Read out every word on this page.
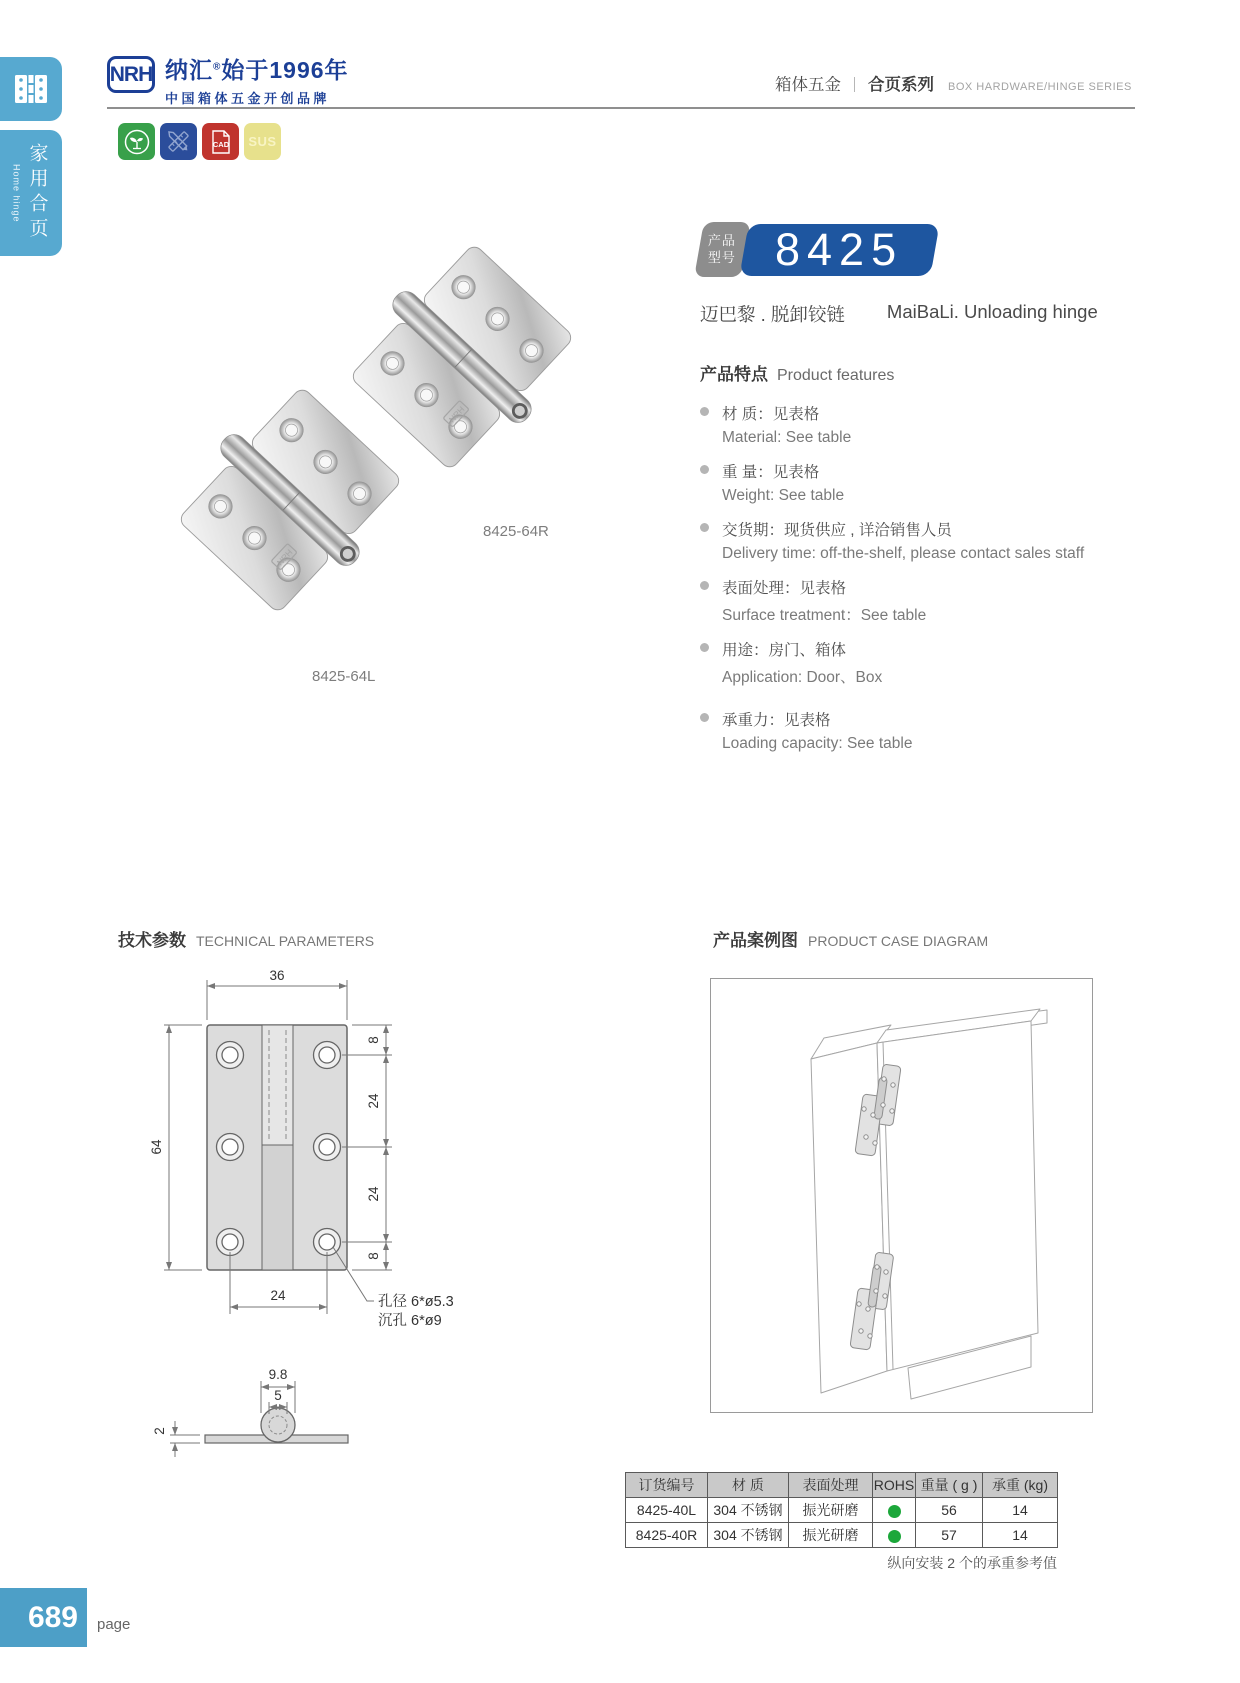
Home hinge 家用合页
NRH 纳汇®始于1996年
中国箱体五金开创品牌
箱体五金 ｜ 合页系列 BOX HARDWARE/HINGE SERIES
CAD SUS
NRH
8425-64R
8425-64L
产品
型号 8425
迈巴黎 . 脱卸铰链 MaiBaLi. Unloading hinge
产品特点 Product features
材 质：见表格
Material: See table
重 量：见表格
Weight: See table
交货期：现货供应 , 详洽销售人员
Delivery time: off-the-shelf, please contact sales staff
表面处理：见表格
Surface treatment：See table
用途：房门、箱体
Application: Door、Box
承重力：见表格
Loading capacity: See table
技术参数 TECHNICAL PARAMETERS	产品案例图 PRODUCT CASE DIAGRAM
36
64
8
24
24
8
24	孔径 6*ø5.3
沉孔 6*ø9
9.8
5
2
订货编号	材 质	表面处理	ROHS	重量 ( g )	承重 (kg)
8425-40L	304 不锈钢	振光研磨		56	14
8425-40R	304 不锈钢	振光研磨		57	14
纵向安装 2 个的承重参考值
689 page
